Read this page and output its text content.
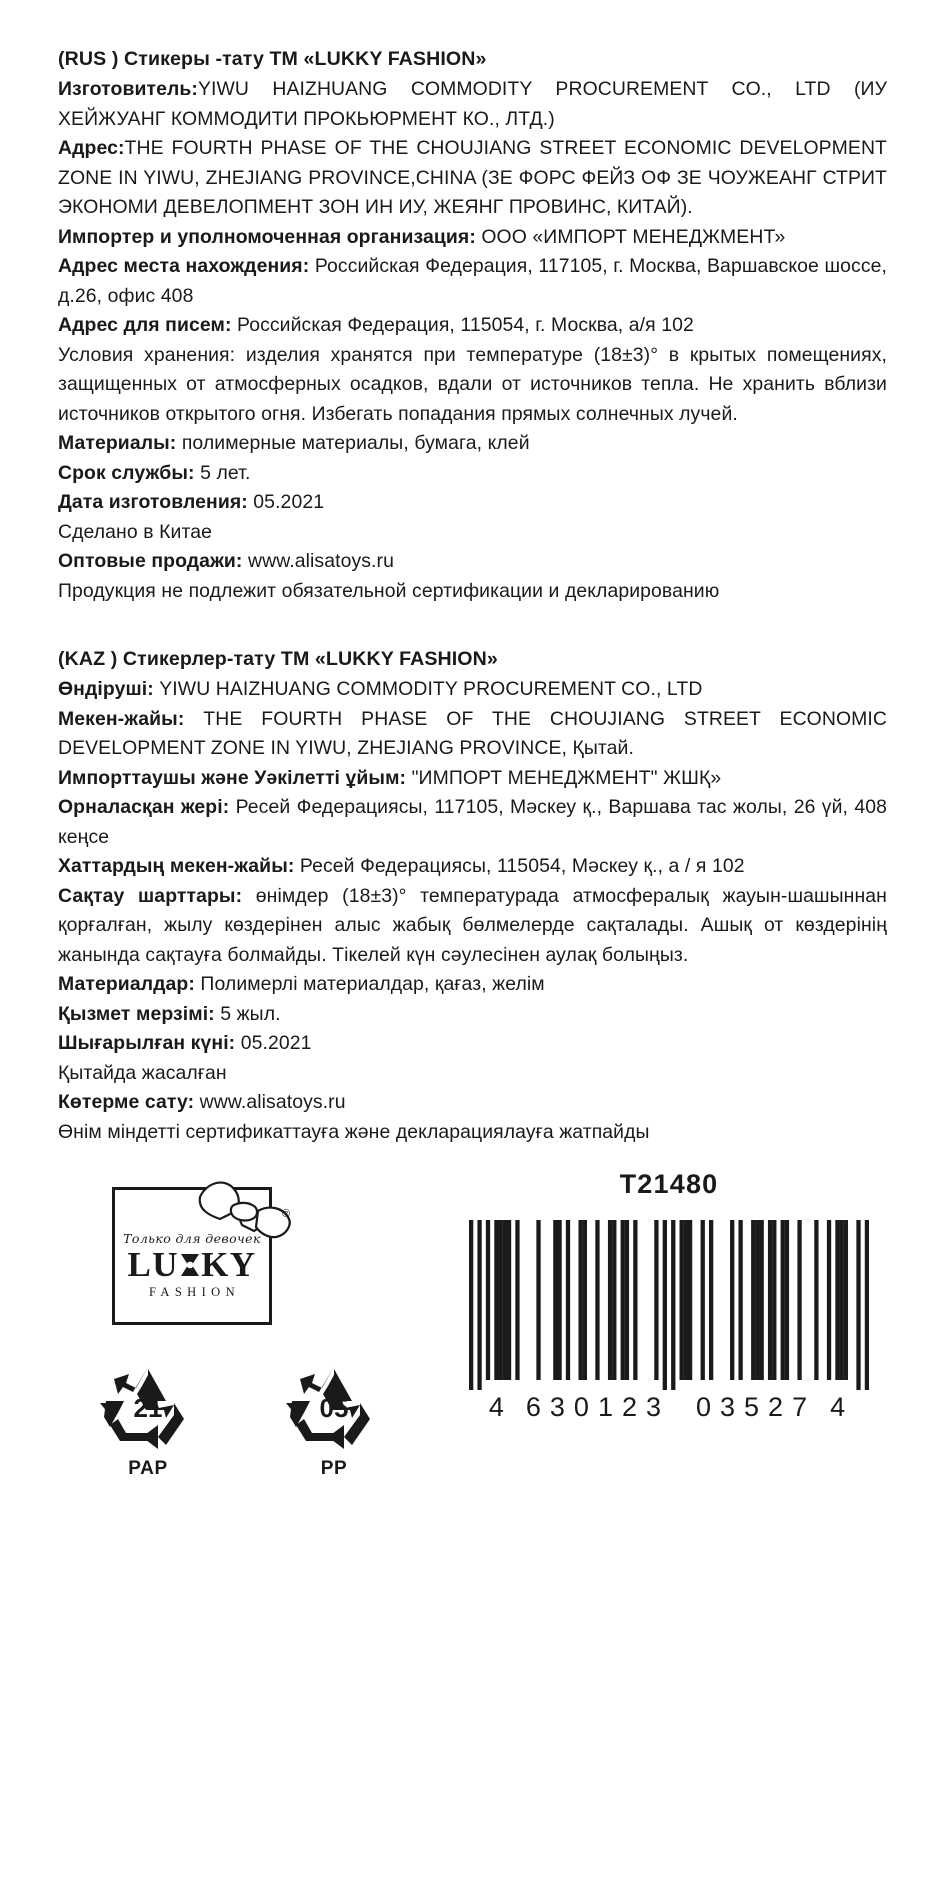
(RUS ) Стикеры -тату ТМ «LUKKY FASHION»

Изготовитель:YIWU HAIZHUANG COMMODITY PROCUREMENT CO., LTD (ИУ ХЕЙЖУАНГ КОММОДИТИ ПРОКЬЮРМЕНТ КО., ЛТД.)

Адрес:THE FOURTH PHASE OF THE CHOUJIANG STREET ECONOMIC DEVELOPMENT ZONE IN YIWU, ZHEJIANG PROVINCE,CHINA (ЗЕ ФОРС ФЕЙЗ ОФ ЗЕ ЧОУЖЕАНГ СТРИТ ЭКОНОМИ ДЕВЕЛОПМЕНТ ЗОН ИН ИУ, ЖЕЯНГ ПРОВИНС, КИТАЙ).

Импортер и уполномоченная организация: ООО «ИМПОРТ МЕНЕДЖМЕНТ»

Адрес места нахождения: Российская Федерация, 117105, г. Москва, Варшавское шоссе, д.26, офис 408

Адрес для писем: Российская Федерация, 115054, г. Москва, а/я 102

Условия хранения: изделия хранятся при температуре (18±3)° в крытых помещениях, защищенных от атмосферных осадков, вдали от источников тепла. Не хранить вблизи источников открытого огня. Избегать попадания прямых солнечных лучей.

Материалы: полимерные материалы, бумага, клей

Срок службы: 5 лет.

Дата изготовления: 05.2021

Сделано в Китае

Оптовые продажи: www.alisatoys.ru

Продукция не подлежит обязательной сертификации и декларированию

(KAZ ) Стикерлер-тату ТМ «LUKKY FASHION»

Өндіруші: YIWU HAIZHUANG COMMODITY PROCUREMENT CO., LTD

Мекен-жайы: THE FOURTH PHASE OF THE CHOUJIANG STREET ECONOMIC DEVELOPMENT ZONE IN YIWU, ZHEJIANG PROVINCE, Қытай.

Импорттаушы және Уәкілетті ұйым: "ИМПОРТ МЕНЕДЖМЕНТ" ЖШҚ»

Орналасқан жері: Ресей Федерациясы, 117105, Мәскеу қ., Варшава тас жолы, 26 үй, 408 кеңсе

Хаттардың мекен-жайы: Ресей Федерациясы, 115054, Мәскеу қ., а / я 102

Сақтау шарттары: өнімдер (18±3)° температурада атмосфералық жауын-шашыннан қорғалған, жылу көздерінен алыс жабық бөлмелерде сақталады. Ашық от көздерінің жанында сақтауға болмайды. Тікелей күн сәулесінен аулақ болыңыз.

Материалдар: Полимерлі материалдар, қағаз, желім

Қызмет мерзімі: 5 жыл.

Шығарылған күні: 05.2021

Қытайда жасалған

Көтерме сату: www.alisatoys.ru

Өнім міндетті сертификаттауға және декларациялауға жатпайды

Только для девочек
LU KY
FASHION
®
21
PAP
05
PP
T21480
4 630123 03527 4
